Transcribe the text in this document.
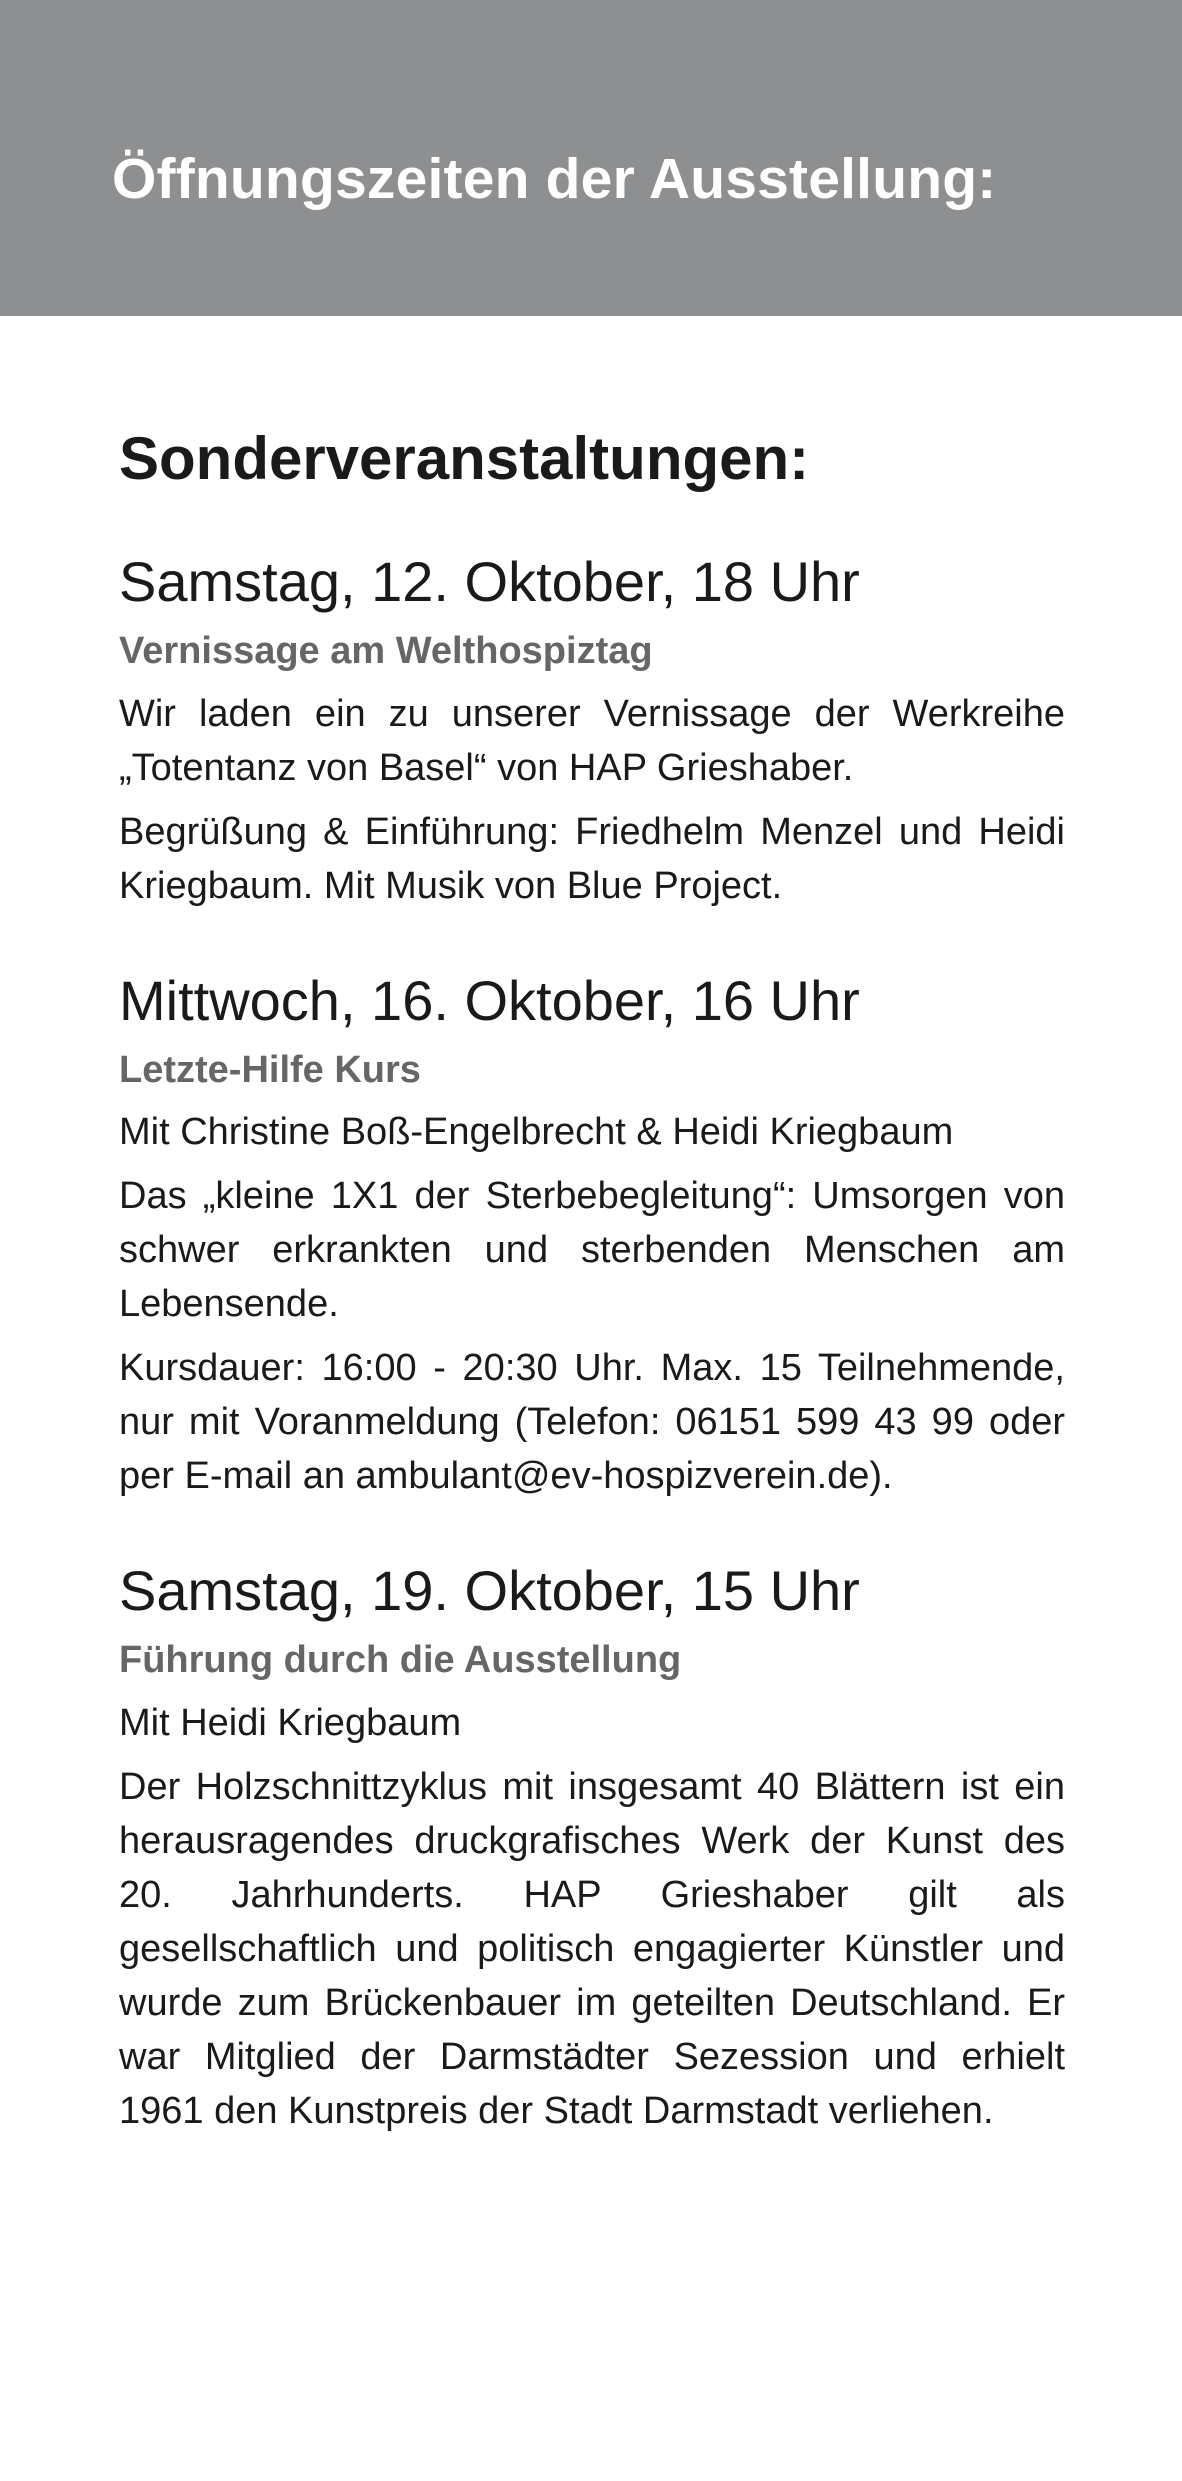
Öffnungszeiten der Ausstellung:
Sonderveranstaltungen:
Samstag, 12. Oktober, 18 Uhr

Vernissage am Welthospiztag

Wir laden ein zu unserer Vernissage der Werkreihe „Totentanz von Basel“ von HAP Grieshaber.

Begrüßung & Einführung: Friedhelm Menzel und Heidi Kriegbaum. Mit Musik von Blue Project.

Mittwoch, 16. Oktober, 16 Uhr

Letzte-Hilfe Kurs

Mit Christine Boß-Engelbrecht & Heidi Kriegbaum

Das „kleine 1X1 der Sterbebegleitung“: Umsorgen von schwer erkrankten und sterbenden Menschen am Lebensende.

Kursdauer: 16:00 - 20:30 Uhr. Max. 15 Teilnehmende, nur mit Voranmeldung (Telefon: 06151 599 43 99 oder per E-mail an ambulant@ev-hospizverein.de).

Samstag, 19. Oktober, 15 Uhr

Führung durch die Ausstellung

Mit Heidi Kriegbaum

Der Holzschnittzyklus mit insgesamt 40 Blättern ist ein herausragendes druckgrafisches Werk der Kunst des 20. Jahrhunderts. HAP Grieshaber gilt als gesellschaftlich und politisch engagierter Künstler und wurde zum Brückenbauer im geteilten Deutschland. Er war Mitglied der Darmstädter Sezession und erhielt 1961 den Kunstpreis der Stadt Darmstadt verliehen.
